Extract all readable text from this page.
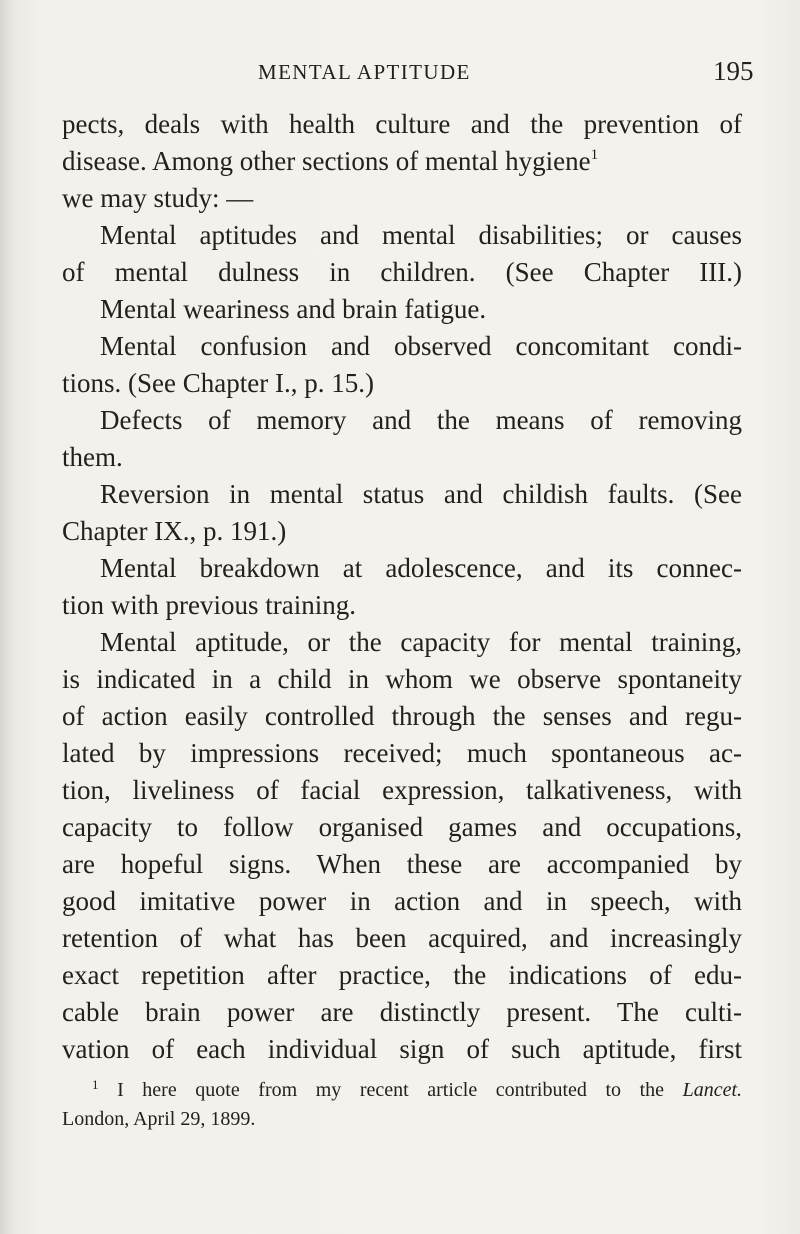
MENTAL APTITUDE	195
pects, deals with health culture and the prevention of
disease. Among other sections of mental hygiene$^1$
we may study: —
Mental aptitudes and mental disabilities; or causes
of mental dulness in children. (See Chapter III.)
Mental weariness and brain fatigue.
Mental confusion and observed concomitant condi-
tions. (See Chapter I., p. 15.)
Defects of memory and the means of removing
them.
Reversion in mental status and childish faults. (See
Chapter IX., p. 191.)
Mental breakdown at adolescence, and its connec-
tion with previous training.
Mental aptitude, or the capacity for mental training,
is indicated in a child in whom we observe spontaneity
of action easily controlled through the senses and regu-
lated by impressions received; much spontaneous ac-
tion, liveliness of facial expression, talkativeness, with
capacity to follow organised games and occupations,
are hopeful signs. When these are accompanied by
good imitative power in action and in speech, with
retention of what has been acquired, and increasingly
exact repetition after practice, the indications of edu-
cable brain power are distinctly present. The culti-
vation of each individual sign of such aptitude, first
$^1$ I here quote from my recent article contributed to the Lancet.
London, April 29, 1899.
